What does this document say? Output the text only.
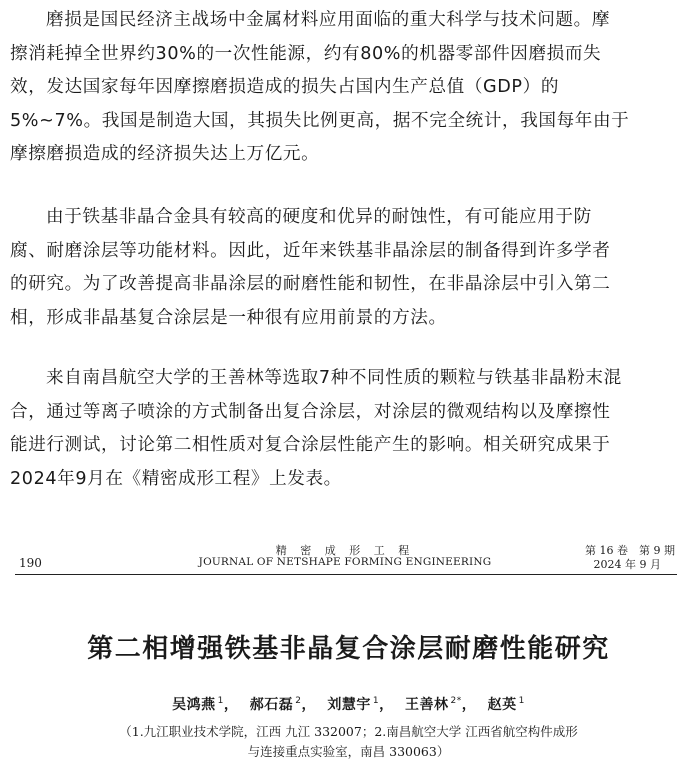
磨损是国民经济主战场中金属材料应用面临的重大科学与技术问题。摩
擦消耗掉全世界约30%的一次性能源，约有80%的机器零部件因磨损而失
效，发达国家每年因摩擦磨损造成的损失占国内生产总值（GDP）的
5%~7%。我国是制造大国，其损失比例更高，据不完全统计，我国每年由于
摩擦磨损造成的经济损失达上万亿元。
由于铁基非晶合金具有较高的硬度和优异的耐蚀性，有可能应用于防
腐、耐磨涂层等功能材料。因此，近年来铁基非晶涂层的制备得到许多学者
的研究。为了改善提高非晶涂层的耐磨性能和韧性，在非晶涂层中引入第二
相，形成非晶基复合涂层是一种很有应用前景的方法。
来自南昌航空大学的王善林等选取7种不同性质的颗粒与铁基非晶粉末混
合，通过等离子喷涂的方式制备出复合涂层，对涂层的微观结构以及摩擦性
能进行测试，讨论第二相性质对复合涂层性能产生的影响。相关研究成果于
2024年9月在《精密成形工程》上发表。
190
精 密 成 形 工 程
JOURNAL OF NETSHAPE FORMING ENGINEERING
第 16 卷　第 9 期
2024 年 9 月
第二相增强铁基非晶复合涂层耐磨性能研究
吴鸿燕 $^1$， 郝石磊 $^2$， 刘慧宇 $^1$， 王善林 $^{2*}$， 赵英 $^1$
（1.九江职业技术学院，江西 九江 332007；2.南昌航空大学 江西省航空构件成形
与连接重点实验室，南昌 330063）
